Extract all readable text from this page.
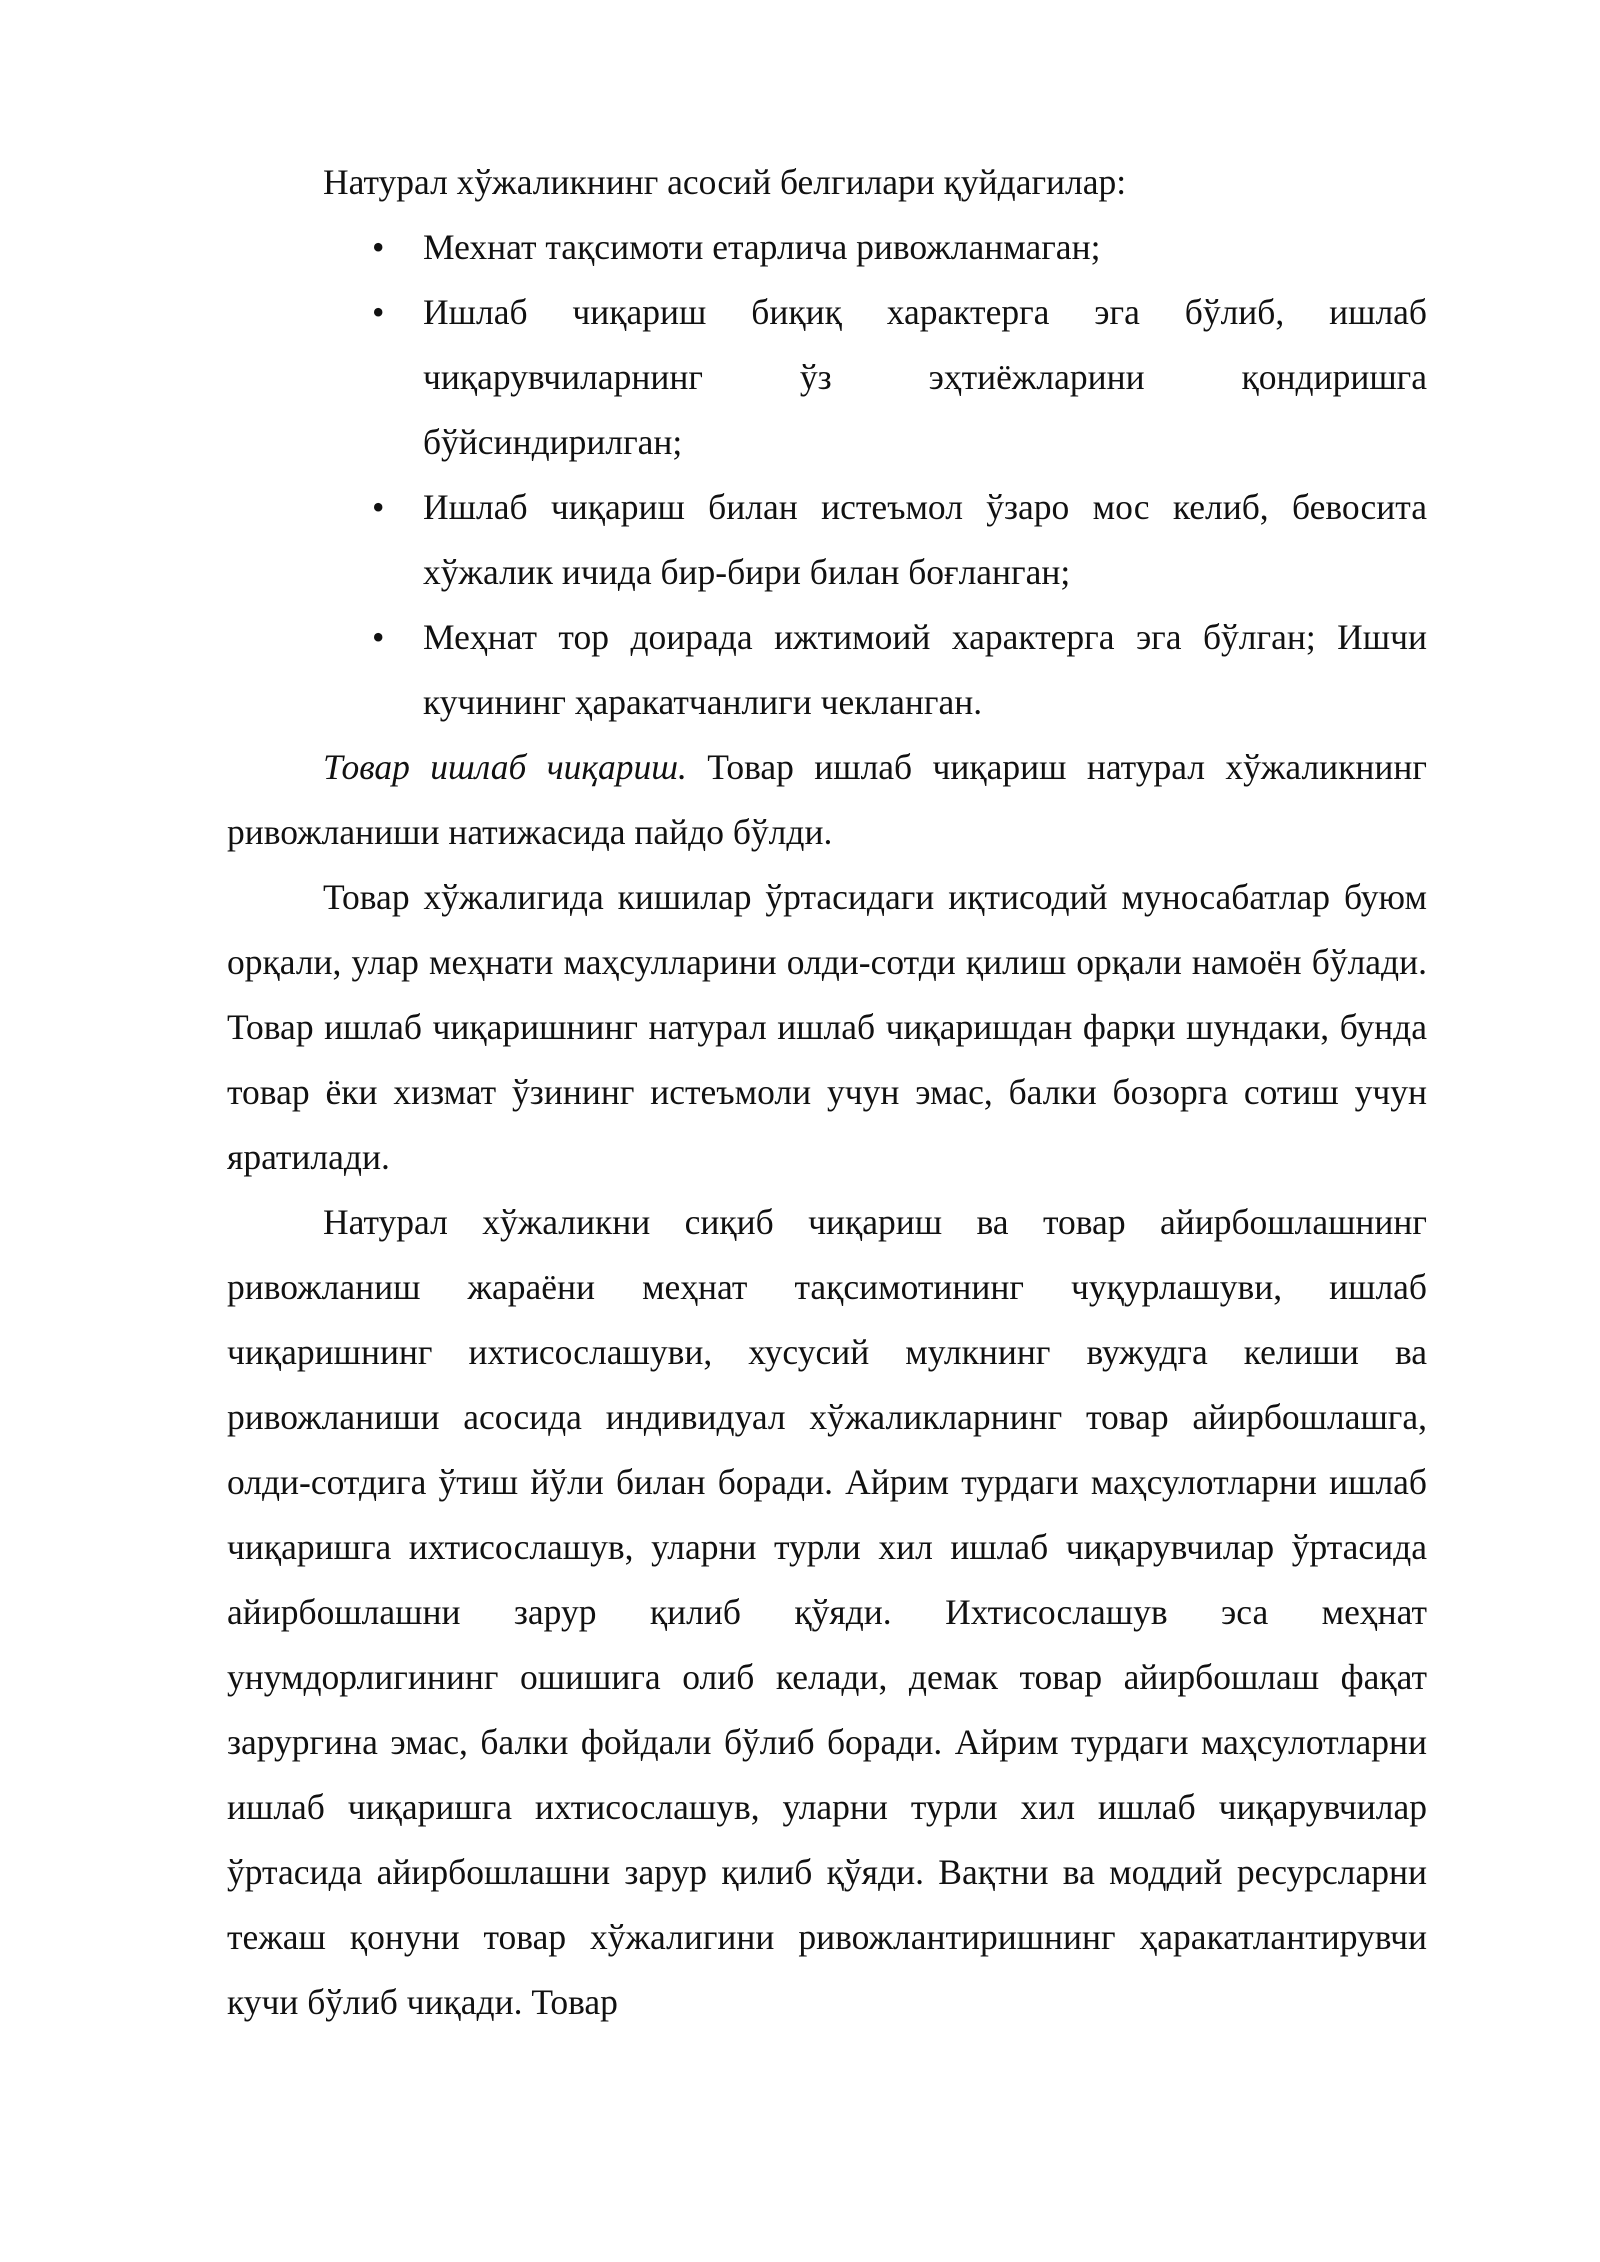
Натурал хўжаликнинг асосий белгилари қуйдагилар:

•	Мехнат тақсимоти етарлича ривожланмаган;
•	Ишлаб чиқариш биқиқ характерга эга бўлиб, ишлаб чиқарувчиларнинг ўз эҳтиёжларини қондиришга бўйсиндирилган;
•	Ишлаб чиқариш билан истеъмол ўзаро мос келиб, бевосита хўжалик ичида бир-бири билан боғланган;
•	Меҳнат тор доирада ижтимоий характерга эга бўлган; Ишчи кучининг ҳаракатчанлиги чекланган.

Товар ишлаб чиқариш. Товар ишлаб чиқариш натурал хўжаликнинг ривожланиши натижасида пайдо бўлди.

Товар хўжалигида кишилар ўртасидаги иқтисодий муносабатлар буюм орқали, улар меҳнати маҳсулларини олди-сотди қилиш орқали намоён бўлади. Товар ишлаб чиқаришнинг натурал ишлаб чиқаришдан фарқи шундаки, бунда товар ёки хизмат ўзининг истеъмоли учун эмас, балки бозорга сотиш учун яратилади.

Натурал хўжаликни сиқиб чиқариш ва товар айирбошлашнинг ривожланиш жараёни меҳнат тақсимотининг чуқурлашуви, ишлаб чиқаришнинг ихтисослашуви, хусусий мулкнинг вужудга келиши ва ривожланиши асосида индивидуал хўжаликларнинг товар айирбошлашга, олди-сотдига ўтиш йўли билан боради. Айрим турдаги маҳсулотларни ишлаб чиқаришга ихтисослашув, уларни турли хил ишлаб чиқарувчилар ўртасида айирбошлашни зарур қилиб қўяди. Ихтисослашув эса меҳнат унумдорлигининг ошишига олиб келади, демак товар айирбошлаш фақат зарургина эмас, балки фойдали бўлиб боради. Айрим турдаги маҳсулотларни ишлаб чиқаришга ихтисослашув, уларни турли хил ишлаб чиқарувчилар ўртасида айирбошлашни зарур қилиб қўяди. Вақтни ва моддий ресурсларни тежаш қонуни товар хўжалигини ривожлантиришнинг ҳаракатлантирувчи кучи бўлиб чиқади. Товар
